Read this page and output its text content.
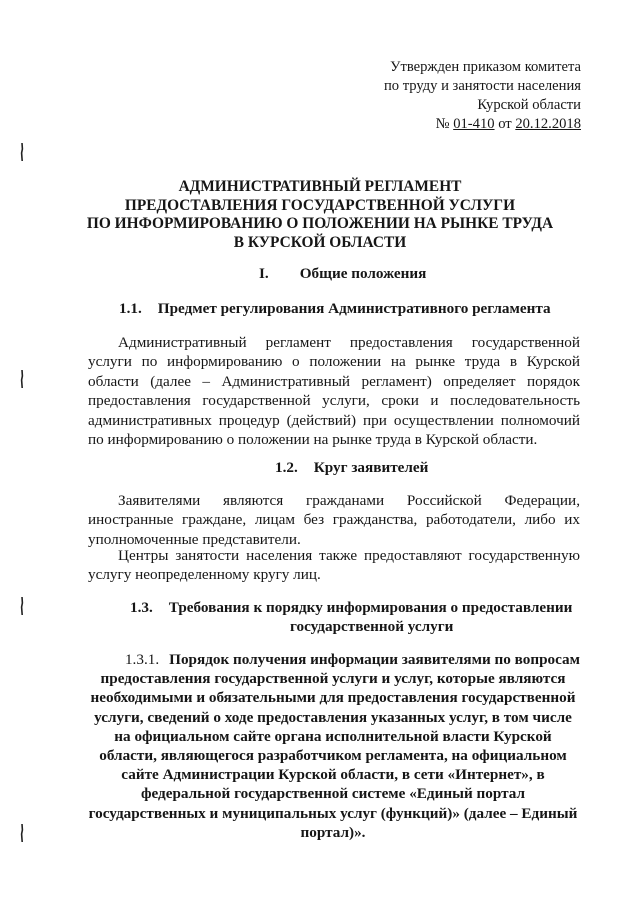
Утвержден приказом комитета
по труду и занятости населения
Курской области
№ 01-410 от 20.12.2018
АДМИНИСТРАТИВНЫЙ РЕГЛАМЕНТ
ПРЕДОСТАВЛЕНИЯ ГОСУДАРСТВЕННОЙ УСЛУГИ
ПО ИНФОРМИРОВАНИЮ О ПОЛОЖЕНИИ НА РЫНКЕ ТРУДА
В КУРСКОЙ ОБЛАСТИ
I. Общие положения
1.1. Предмет регулирования Административного регламента
Административный регламент предоставления государственной
услуги по информированию о положении на рынке труда в Курской
области (далее – Административный регламент) определяет порядок
предоставления государственной услуги, сроки и последовательность
административных процедур (действий) при осуществлении полномочий
по информированию о положении на рынке труда в Курской области.
1.2. Круг заявителей
Заявителями являются гражданами Российской Федерации,
иностранные граждане, лицам без гражданства, работодатели, либо их
уполномоченные представители.
Центры занятости населения также предоставляют государственную
услугу неопределенному кругу лиц.
1.3. Требования к порядку информирования о предоставлении
государственной услуги
1.3.1. Порядок получения информации заявителями по вопросам
предоставления государственной услуги и услуг, которые являются
необходимыми и обязательными для предоставления государственной
услуги, сведений о ходе предоставления указанных услуг, в том числе
на официальном сайте органа исполнительной власти Курской
области, являющегося разработчиком регламента, на официальном
сайте Администрации Курской области, в сети «Интернет», в
федеральной государственной системе «Единый портал
государственных и муниципальных услуг (функций)» (далее – Единый
портал)».
